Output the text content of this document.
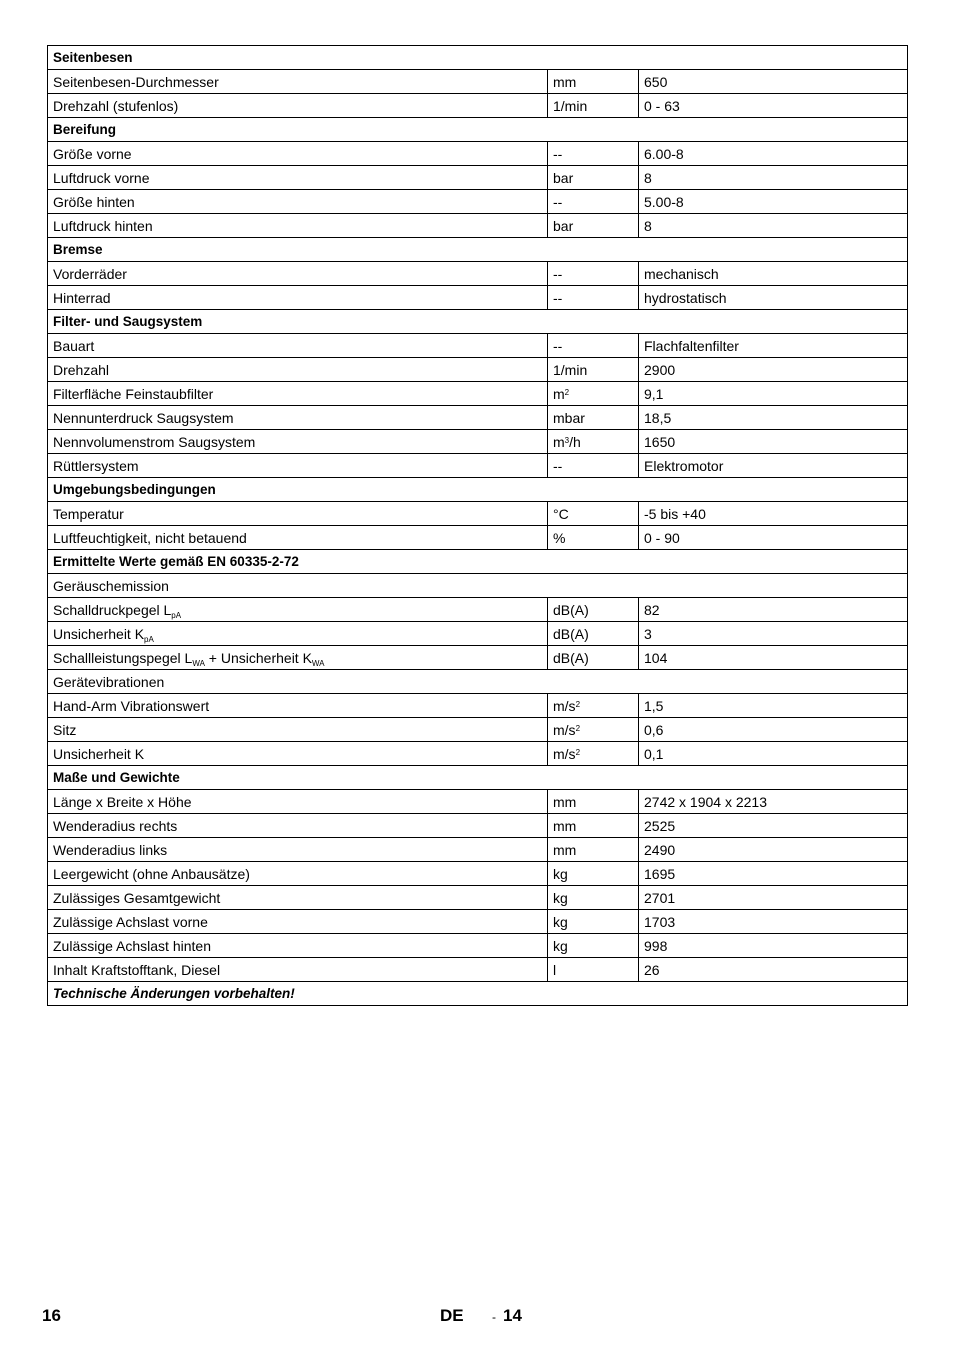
Seitenbesen		
Seitenbesen-Durchmesser	mm	650
Drehzahl (stufenlos)	1/min	0 - 63
Bereifung		
Größe vorne	--	6.00-8
Luftdruck vorne	bar	8
Größe hinten	--	5.00-8
Luftdruck hinten	bar	8
Bremse		
Vorderräder	--	mechanisch
Hinterrad	--	hydrostatisch
Filter- und Saugsystem		
Bauart	--	Flachfaltenfilter
Drehzahl	1/min	2900
Filterfläche Feinstaubfilter	$m^2$	9,1
Nennunterdruck Saugsystem	mbar	18,5
Nennvolumenstrom Saugsystem	$m^3/h$	1650
Rüttlersystem	--	Elektromotor
Umgebungsbedingungen		
Temperatur	°C	-5 bis +40
Luftfeuchtigkeit, nicht betauend	%	0 - 90
Ermittelte Werte gemäß EN 60335-2-72		
Geräuschemission		
Schalldruckpegel $L_{pA}$	dB(A)	82
Unsicherheit $K_{pA}$	dB(A)	3
Schallleistungspegel $L_{WA}$ + Unsicherheit $K_{WA}$	dB(A)	104
Gerätevibrationen		
Hand-Arm Vibrationswert	$m/s^2$	1,5
Sitz	$m/s^2$	0,6
Unsicherheit K	$m/s^2$	0,1
Maße und Gewichte		
Länge x Breite x Höhe	mm	2742 x 1904 x 2213
Wenderadius rechts	mm	2525
Wenderadius links	mm	2490
Leergewicht (ohne Anbausätze)	kg	1695
Zulässiges Gesamtgewicht	kg	2701
Zulässige Achslast vorne	kg	1703
Zulässige Achslast hinten	kg	998
Inhalt Kraftstofftank, Diesel	l	26
Technische Änderungen vorbehalten!		
16	DE - 14
